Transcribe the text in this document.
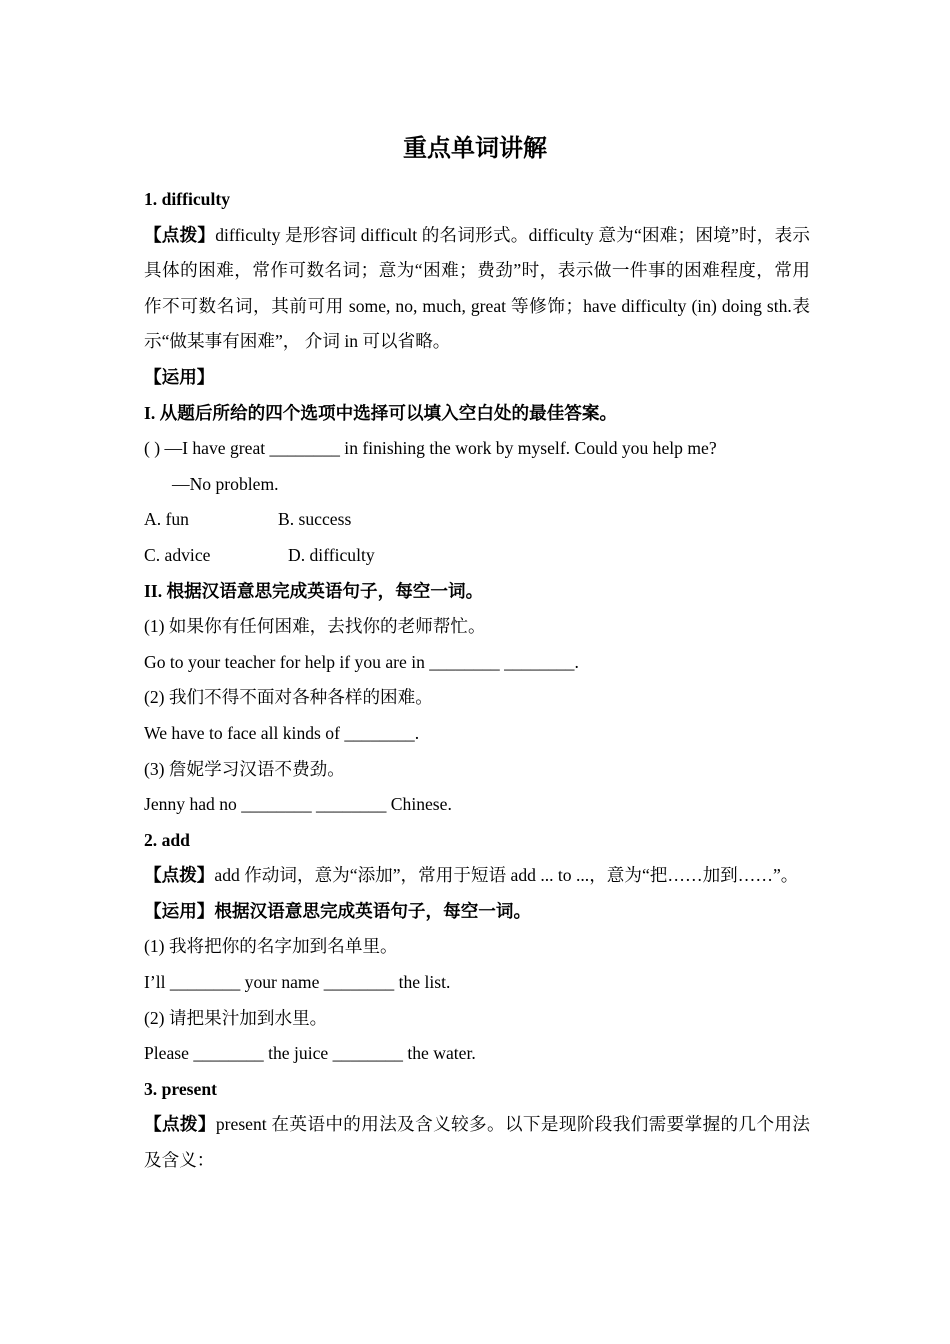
重点单词讲解

1. difficulty

【点拨】difficulty 是形容词 difficult 的名词形式。difficulty 意为“困难；困境”时，表示具体的困难，常作可数名词；意为“困难；费劲”时，表示做一件事的困难程度，常用作不可数名词，其前可用 some, no, much, great 等修饰；have difficulty (in) doing sth.表示“做某事有困难”， 介词 in 可以省略。

【运用】

I. 从题后所给的四个选项中选择可以填入空白处的最佳答案。

( ) —I have great ________ in finishing the work by myself. Could you help me?

—No problem.

A. fun	B. success

C. advice	D. difficulty

II. 根据汉语意思完成英语句子，每空一词。

(1) 如果你有任何困难，去找你的老师帮忙。

Go to your teacher for help if you are in ________ ________.

(2) 我们不得不面对各种各样的困难。

We have to face all kinds of ________.

(3) 詹妮学习汉语不费劲。

Jenny had no ________ ________ Chinese.

2. add

【点拨】add 作动词，意为“添加”，常用于短语 add ... to ...，意为“把……加到……”。

【运用】根据汉语意思完成英语句子，每空一词。

(1) 我将把你的名字加到名单里。

I’ll ________ your name ________ the list.

(2) 请把果汁加到水里。

Please ________ the juice ________ the water.

3. present

【点拨】present 在英语中的用法及含义较多。以下是现阶段我们需要掌握的几个用法及含义：
